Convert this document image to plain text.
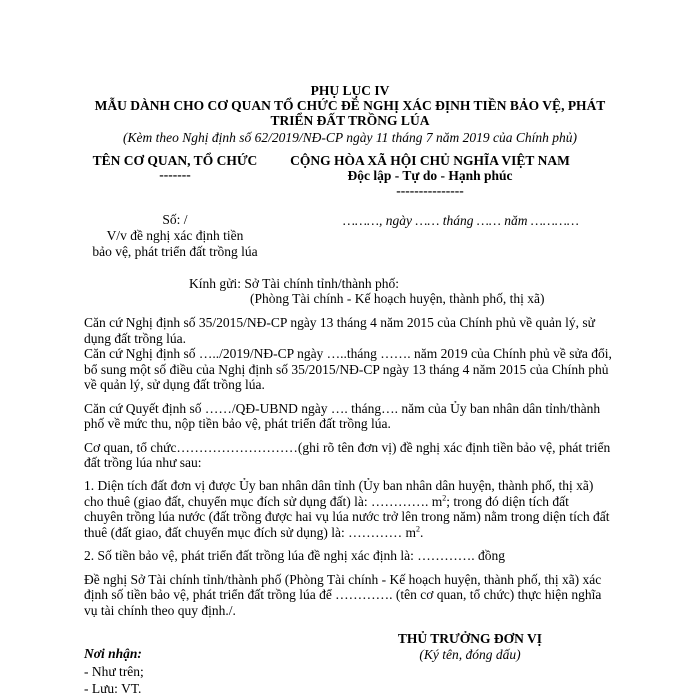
PHỤ LỤC IV
MẪU DÀNH CHO CƠ QUAN TỔ CHỨC ĐỀ NGHỊ XÁC ĐỊNH TIỀN BẢO VỆ, PHÁT
TRIỂN ĐẤT TRỒNG LÚA
(Kèm theo Nghị định số 62/2019/NĐ-CP ngày 11 tháng 7 năm 2019 của Chính phủ)
TÊN CƠ QUAN, TỔ CHỨC
-------
Số: /
V/v đề nghị xác định tiền
bảo vệ, phát triển đất trồng lúa
CỘNG HÒA XÃ HỘI CHỦ NGHĨA VIỆT NAM
Độc lập - Tự do - Hạnh phúc
---------------
………, ngày …… tháng …… năm …………
Kính gửi: Sở Tài chính tỉnh/thành phố:
(Phòng Tài chính - Kế hoạch huyện, thành phố, thị xã)
Căn cứ Nghị định số 35/2015/NĐ-CP ngày 13 tháng 4 năm 2015 của Chính phủ về quản lý, sử
dụng đất trồng lúa.
Căn cứ Nghị định số …../2019/NĐ-CP ngày …..tháng ……. năm 2019 của Chính phủ về sửa đổi,
bổ sung một số điều của Nghị định số 35/2015/NĐ-CP ngày 13 tháng 4 năm 2015 của Chính phủ
về quản lý, sử dụng đất trồng lúa.
Căn cứ Quyết định số ……/QĐ-UBND ngày …. tháng…. năm của Ủy ban nhân dân tỉnh/thành
phố về mức thu, nộp tiền bảo vệ, phát triển đất trồng lúa.
Cơ quan, tổ chức………………………(ghi rõ tên đơn vị) đề nghị xác định tiền bảo vệ, phát triển
đất trồng lúa như sau:
1. Diện tích đất đơn vị được Ủy ban nhân dân tỉnh (Ủy ban nhân dân huyện, thành phố, thị xã)
cho thuê (giao đất, chuyển mục đích sử dụng đất) là: …………. $m^2$; trong đó diện tích đất
chuyên trồng lúa nước (đất trồng được hai vụ lúa nước trở lên trong năm) nằm trong diện tích đất
thuê (đất giao, đất chuyển mục đích sử dụng) là: ………… $m^2$.
2. Số tiền bảo vệ, phát triển đất trồng lúa đề nghị xác định là: …………. đồng
Đề nghị Sở Tài chính tỉnh/thành phố (Phòng Tài chính - Kế hoạch huyện, thành phố, thị xã) xác
định số tiền bảo vệ, phát triển đất trồng lúa để …………. (tên cơ quan, tổ chức) thực hiện nghĩa
vụ tài chính theo quy định./.
THỦ TRƯỞNG ĐƠN VỊ
(Ký tên, đóng dấu)
Nơi nhận:
- Như trên;
- Lưu: VT.
